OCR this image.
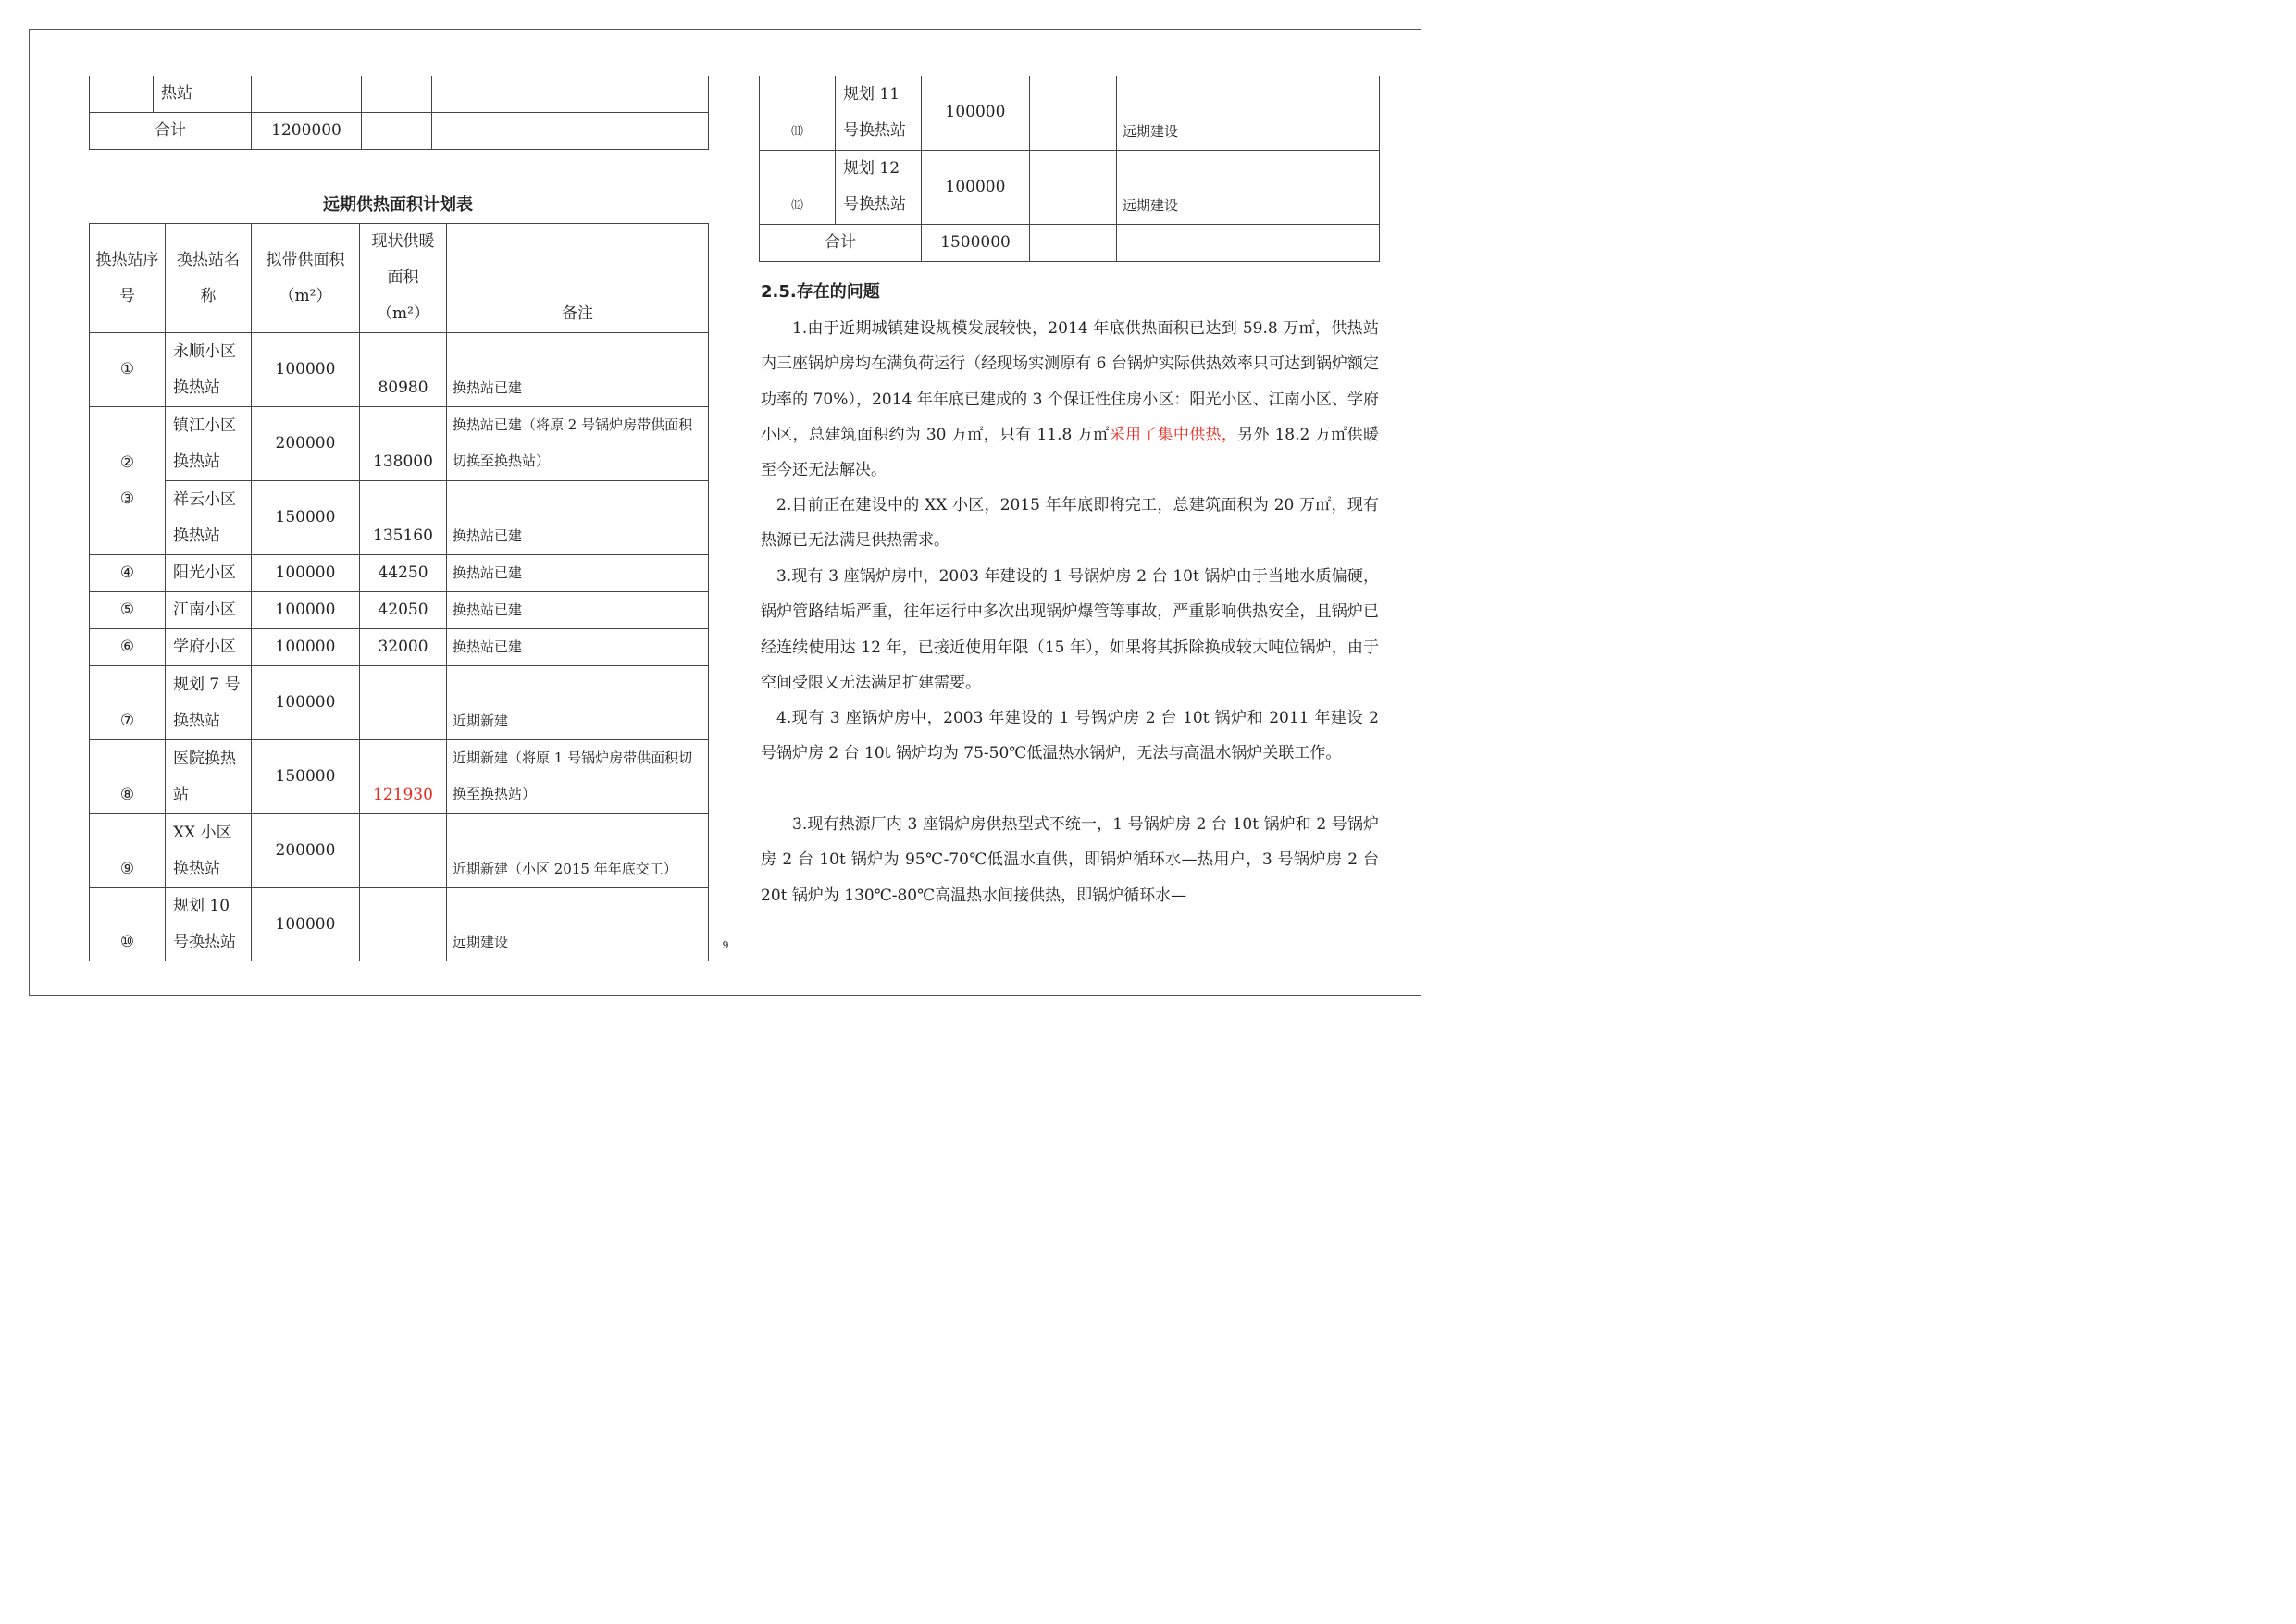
	热站			
合计		1200000		
远期供热面积计划表
换热站序号	换热站名称	拟带供面积（m²）	现状供暖面积（m²）	备注
①	永顺小区换热站	100000	80980	换热站已建
②	镇江小区换热站	200000	138000	换热站已建（将原 2 号锅炉房带供面积切换至换热站）
③	祥云小区换热站	150000	135160	换热站已建
④	阳光小区	100000	44250	换热站已建
⑤	江南小区	100000	42050	换热站已建
⑥	学府小区	100000	32000	换热站已建
⑦	规划 7 号换热站	100000		近期新建
⑧	医院换热站	150000	121930	近期新建（将原 1 号锅炉房带供面积切换至换热站）
⑨	XX 小区换热站	200000		近期新建（小区 2015 年年底交工）
⑩	规划 10 号换热站	100000		远期建设
⑾	规划 11 号换热站	100000		远期建设
⑿	规划 12 号换热站	100000		远期建设
合计		1500000		
2.5.存在的问题

1.由于近期城镇建设规模发展较快，2014 年底供热面积已达到 59.8 万㎡，供热站内三座锅炉房均在满负荷运行（经现场实测原有 6 台锅炉实际供热效率只可达到锅炉额定功率的 70%），2014 年年底已建成的 3 个保证性住房小区：阳光小区、江南小区、学府小区，总建筑面积约为 30 万㎡，只有 11.8 万㎡采用了集中供热，另外 18.2 万㎡供暖至今还无法解决。

2.目前正在建设中的 XX 小区，2015 年年底即将完工，总建筑面积为 20 万㎡，现有热源已无法满足供热需求。

3.现有 3 座锅炉房中，2003 年建设的 1 号锅炉房 2 台 10t 锅炉由于当地水质偏硬，锅炉管路结垢严重，往年运行中多次出现锅炉爆管等事故，严重影响供热安全，且锅炉已经连续使用达 12 年，已接近使用年限（15 年），如果将其拆除换成较大吨位锅炉，由于空间受限又无法满足扩建需要。

4.现有 3 座锅炉房中，2003 年建设的 1 号锅炉房 2 台 10t 锅炉和 2011 年建设 2 号锅炉房 2 台 10t 锅炉均为 75-50℃低温热水锅炉，无法与高温水锅炉关联工作。

3.现有热源厂内 3 座锅炉房供热型式不统一，1 号锅炉房 2 台 10t 锅炉和 2 号锅炉房 2 台 10t 锅炉为 95℃-70℃低温水直供，即锅炉循环水—热用户，3 号锅炉房 2 台 20t 锅炉为 130℃-80℃高温热水间接供热，即锅炉循环水—

9
